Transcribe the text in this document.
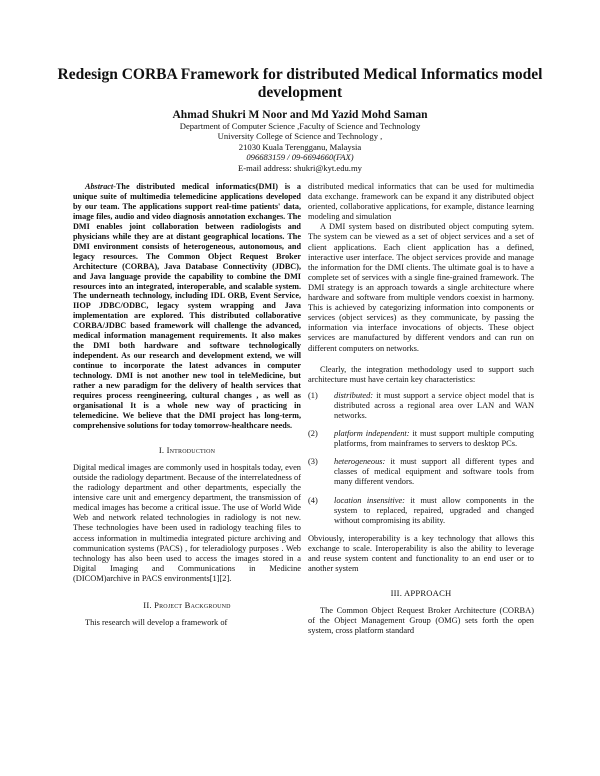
Redesign CORBA Framework for distributed Medical Informatics model development
Ahmad Shukri M Noor and Md Yazid Mohd Saman
Department of Computer Science ,Faculty of Science and Technology
University College of Science and Technology ,
21030 Kuala Terengganu, Malaysia
096683159 / 09-6694660(FAX)
E-mail address: shukri@kyt.edu.my

Abstract-The distributed medical informatics(DMI) is a unique suite of multimedia telemedicine applications developed by our team. The applications support real-time patients' data, image files, audio and video diagnosis annotation exchanges. The DMI enables joint collaboration between radiologists and physicians while they are at distant geographical locations. The DMI environment consists of heterogeneous, autonomous, and legacy resources. The Common Object Request Broker Architecture (CORBA), Java Database Connectivity (JDBC), and Java language provide the capability to combine the DMI resources into an integrated, interoperable, and scalable system. The underneath technology, including IDL ORB, Event Service, IIOP JDBC/ODBC, legacy system wrapping and Java implementation are explored. This distributed collaborative CORBA/JDBC based framework will challenge the advanced, medical information management requirements. It also makes the DMI both hardware and software technologically independent. As our research and development extend, we will continue to incorporate the latest advances in computer technology. DMI is not another new tool in teleMedicine, but rather a new paradigm for the delivery of health services that requires process reengineering, cultural changes , as well as organisational It is a whole new way of practicing in telemedicine. We believe that the DMI project has long-term, comprehensive solutions for today tomorrow-healthcare needs.

I. Introduction

Digital medical images are commonly used in hospitals today, even outside the radiology department. Because of the interrelatedness of the radiology department and other departments, especially the intensive care unit and emergency department, the transmission of medical images has become a critical issue. The use of World Wide Web and network related technologies in radiology is not new. These technologies have been used in radiology teaching files to access information in multimedia integrated picture archiving and communication systems (PACS) , for teleradiology purposes . Web technology has also been used to access the images stored in a Digital Imaging and Communications in Medicine (DICOM)archive in PACS environments[1][2].

II. Project Background

This research will develop a framework of

distributed medical informatics that can be used for multimedia data exchange. framework can be expand it any distributed object oriented, collaborative applications, for example, distance learning modeling and simulation

A DMI system based on distributed object computing sytem. The system can be viewed as a set of object services and a set of client applications. Each client application has a defined, interactive user interface. The object services provide and manage the information for the DMI clients. The ultimate goal is to have a complete set of services with a single fine-grained framework. The DMI strategy is an approach towards a single architecture where hardware and software from multiple vendors coexist in harmony. This is achieved by categorizing information into components or services (object services) as they communicate, by passing the information via interface invocations of objects. These object services are manufactured by different vendors and can run on different computers on networks.

Clearly, the integration methodology used to support such architecture must have certain key characteristics:

(1)	distributed: it must support a service object model that is distributed across a regional area over LAN and WAN networks.
(2)	platform independent: it must support multiple computing platforms, from mainframes to servers to desktop PCs.
(3)	heterogeneous: it must support all different types and classes of medical equipment and software tools from many different vendors.
(4)	location insensitive: it must allow components in the system to replaced, repaired, upgraded and changed without compromising its ability.

Obviously, interoperability is a key technology that allows this exchange to scale. Interoperability is also the ability to leverage and reuse system content and functionality to an end user or to another system

III. APPROACH

The Common Object Request Broker Architecture (CORBA) of the Object Management Group (OMG) sets forth the open system, cross platform standard
